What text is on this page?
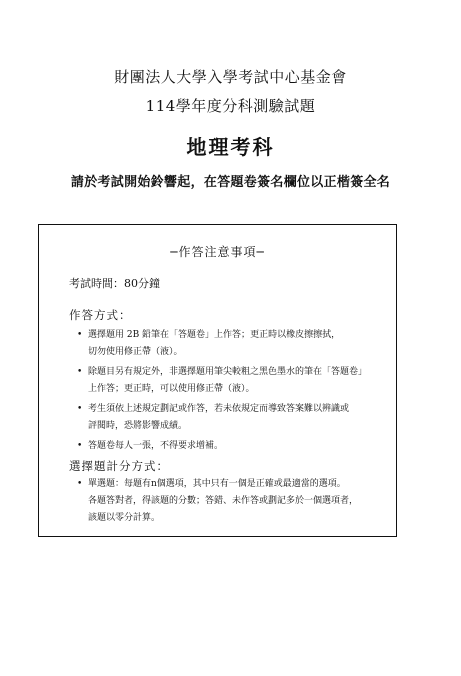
財團法人大學入學考試中心基金會
114學年度分科測驗試題
地理考科
請於考試開始鈴響起，在答題卷簽名欄位以正楷簽全名
─作答注意事項─
考試時間：80分鐘
作答方式：
• 選擇題用 2B 鉛筆在「答題卷」上作答；更正時以橡皮擦擦拭，
切勿使用修正帶（液）。
• 除題目另有規定外，非選擇題用筆尖較粗之黑色墨水的筆在「答題卷」
上作答；更正時，可以使用修正帶（液）。
• 考生須依上述規定劃記或作答，若未依規定而導致答案難以辨識或
評閱時，恐將影響成績。
• 答題卷每人一張，不得要求增補。
選擇題計分方式：
• 單選題：每題有n個選項，其中只有一個是正確或最適當的選項。
各題答對者，得該題的分數；答錯、未作答或劃記多於一個選項者，
該題以零分計算。
